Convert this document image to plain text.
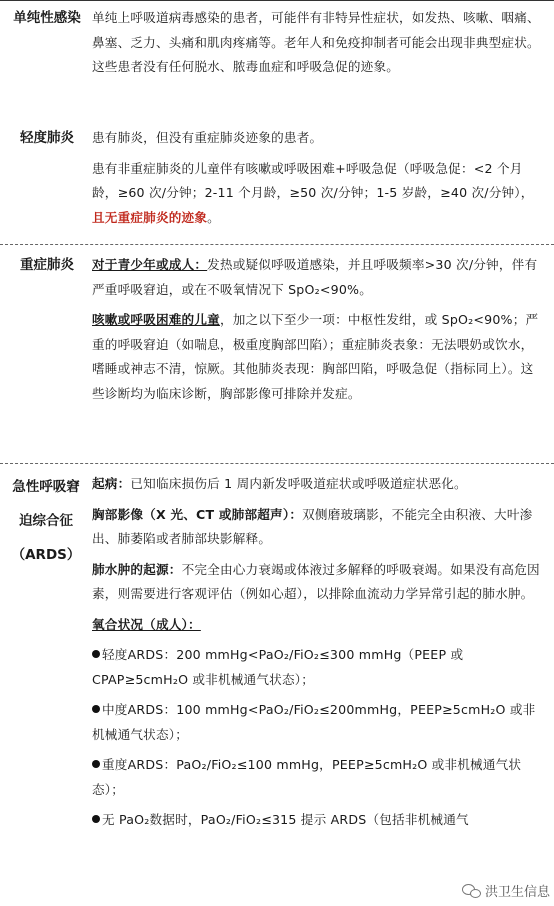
单纯性感染 单纯上呼吸道病毒感染的患者，可能伴有非特异性症状，如发热、咳嗽、咽痛、鼻塞、乏力、头痛和肌肉疼痛等。老年人和免疫抑制者可能会出现非典型症状。这些患者没有任何脱水、脓毒血症和呼吸急促的迹象。

轻度肺炎	患有肺炎，但没有重症肺炎迹象的患者。

患有非重症肺炎的儿童伴有咳嗽或呼吸困难+呼吸急促（呼吸急促：<2 个月龄，≥60 次/分钟；2-11 个月龄，≥50 次/分钟；1-5 岁龄，≥40 次/分钟），且无重症肺炎的迹象。

重症肺炎	对于青少年或成人：发热或疑似呼吸道感染，并且呼吸频率>30 次/分钟，伴有严重呼吸窘迫，或在不吸氧情况下 SpO₂<90%。

咳嗽或呼吸困难的儿童，加之以下至少一项：中枢性发绀，或 SpO₂<90%；严重的呼吸窘迫（如喘息，极重度胸部凹陷）；重症肺炎表象：无法喂奶或饮水，嗜睡或神志不清，惊厥。其他肺炎表现：胸部凹陷，呼吸急促（指标同上）。这些诊断均为临床诊断，胸部影像可排除并发症。

急性呼吸窘
迫综合征
（ARDS）

起病：已知临床损伤后 1 周内新发呼吸道症状或呼吸道症状恶化。

胸部影像（X 光、CT 或肺部超声）：双侧磨玻璃影，不能完全由积液、大叶渗出、肺萎陷或者肺部块影解释。

肺水肿的起源：不完全由心力衰竭或体液过多解释的呼吸衰竭。如果没有高危因素，则需要进行客观评估（例如心超），以排除血流动力学异常引起的肺水肿。

氧合状况（成人）：

轻度ARDS：200 mmHg<PaO₂/FiO₂≤300 mmHg（PEEP 或 CPAP≥5cmH₂O 或非机械通气状态）；

中度ARDS：100 mmHg<PaO₂/FiO₂≤200mmHg，PEEP≥5cmH₂O 或非机械通气状态）；

重度ARDS：PaO₂/FiO₂≤100 mmHg，PEEP≥5cmH₂O 或非机械通气状态）；

无 PaO₂数据时，PaO₂/FiO₂≤315 提示 ARDS（包括非机械通气

洪卫生信息
